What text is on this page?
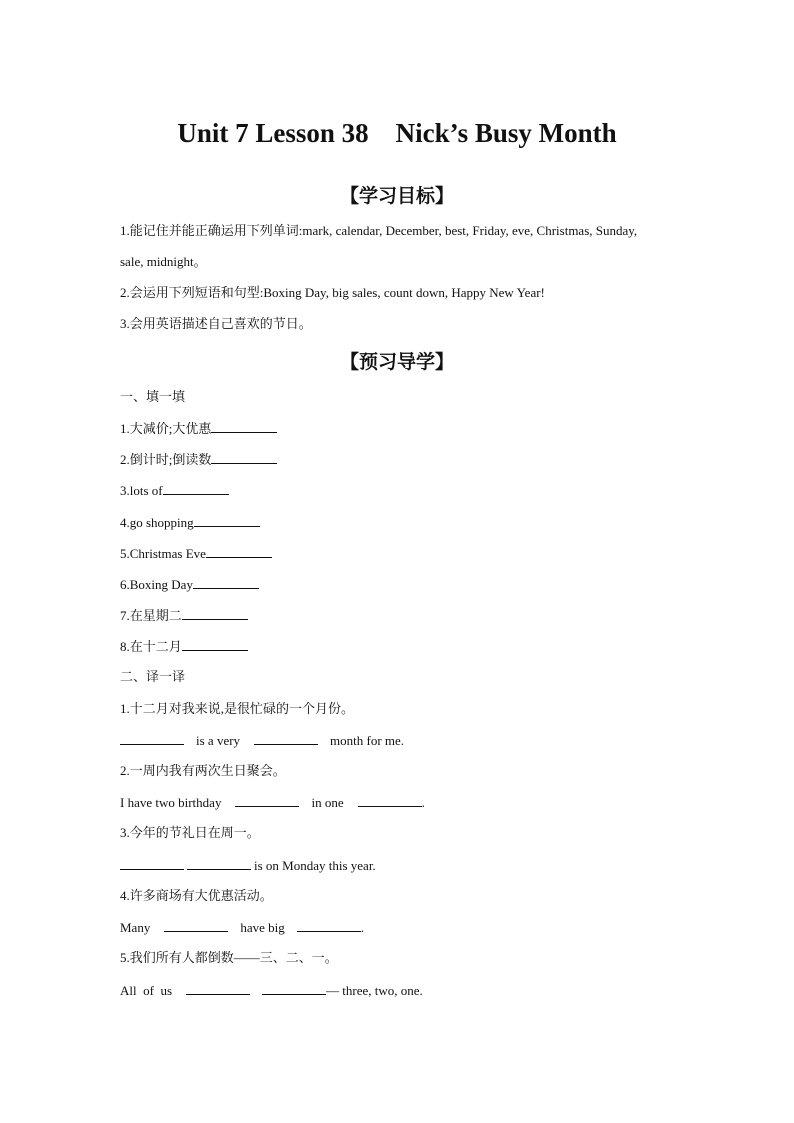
Unit 7 Lesson 38    Nick’s Busy Month
【学习目标】
1.能记住并能正确运用下列单词:mark, calendar, December, best, Friday, eve, Christmas, Sunday,
sale, midnight。
2.会运用下列短语和句型:Boxing Day, big sales, count down, Happy New Year!
3.会用英语描述自己喜欢的节日。
【预习导学】
一、填一填
1.大减价;大优惠
2.倒计时;倒读数
3.lots of
4.go shopping
5.Christmas Eve
6.Boxing Day
7.在星期二
8.在十二月
二、译一译
1.十二月对我来说,是很忙碌的一个月份。
is a very	month for me.
2.一周内我有两次生日聚会。
I have two birthday	in one	.
3.今年的节礼日在周一。
is on Monday this year.
4.许多商场有大优惠活动。
Many	have big	.
5.我们所有人都倒数——三、二、一。
All  of  us	— three, two, one.
